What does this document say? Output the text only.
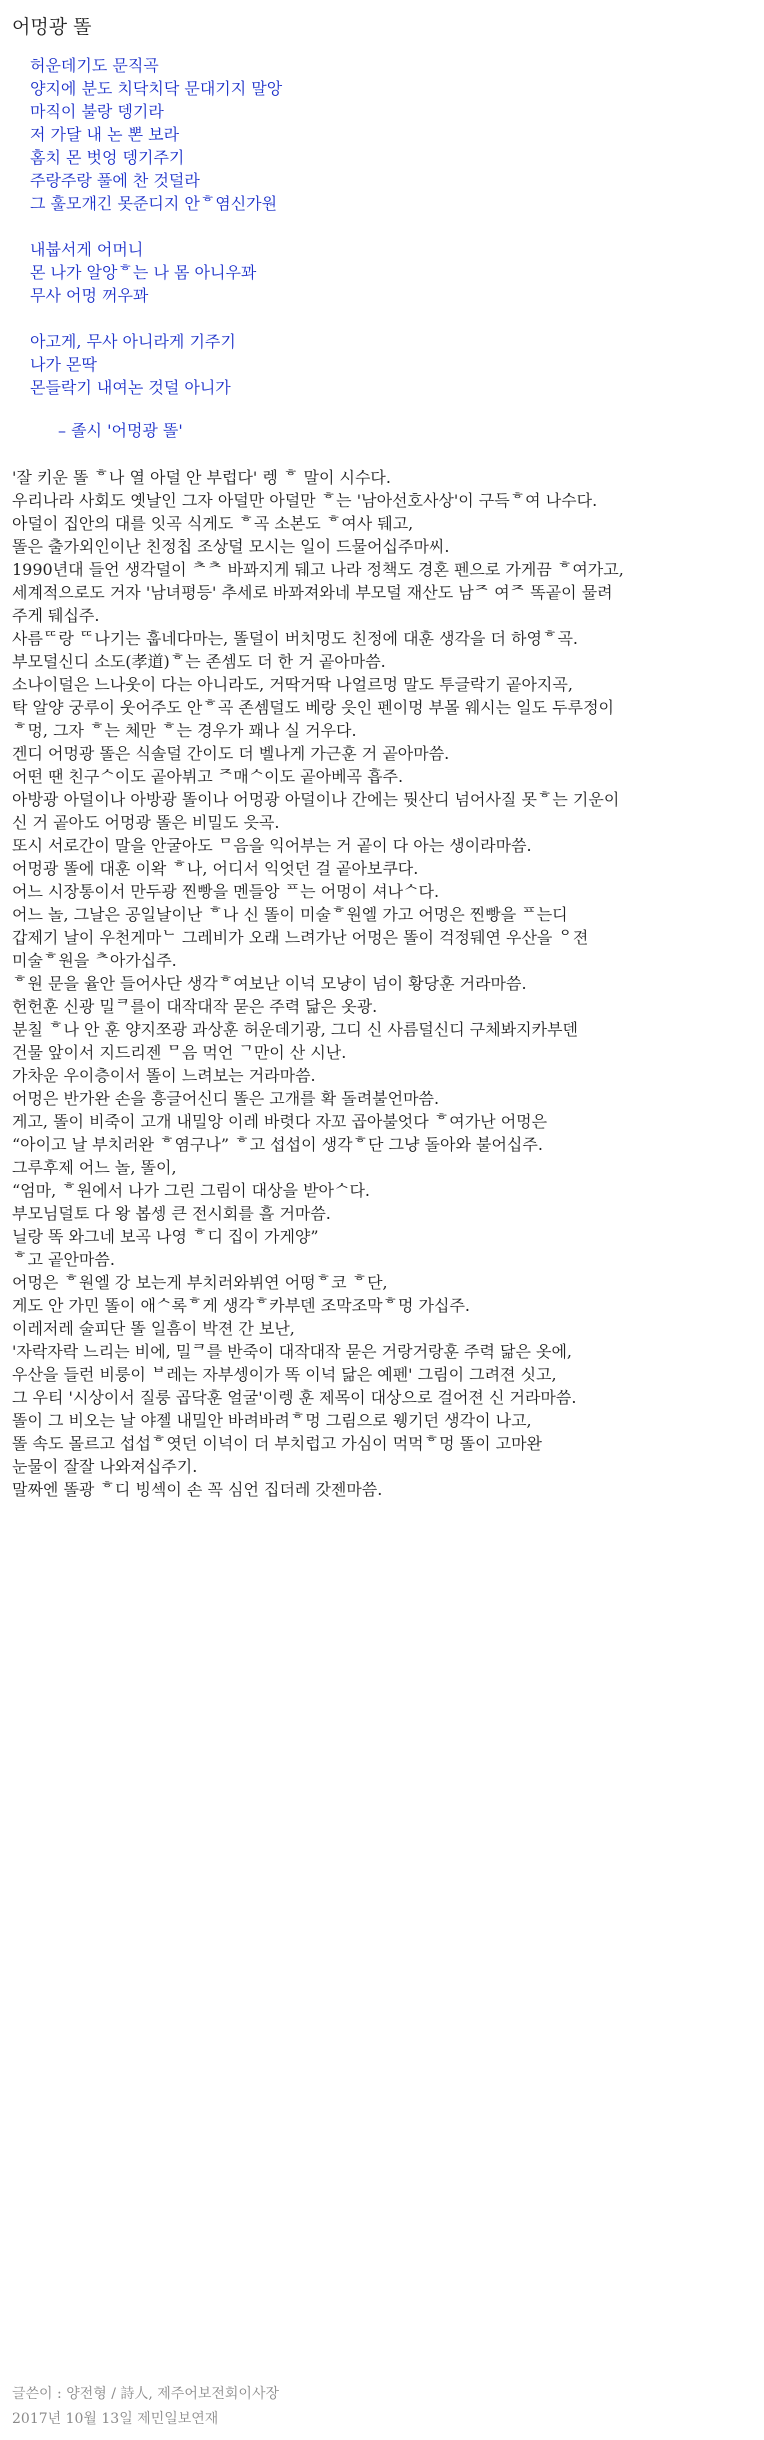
어멍광 똘
허운데기도 문직곡
양지에 분도 치닥치닥 문대기지 말앙
마직이 불랑 뎅기라
저 가달 내 논 뽄 보라
홈치 몬 벗엉 뎅기주기
주랑주랑 풀에 찬 것덜라
그 훌모개긴 못준디지 안ᄒ염신가원
내붑서게 어머니
몬 나가 알앙ᄒ는 나 몸 아니우꽈
무사 어멍 꺼우꽈
아고게, 무사 아니라게 기주기
나가 몬딱
몬들락기 내여논 것덜 아니가
– 졸시 '어멍광 똘'
'잘 키운 똘 ᄒ나 열 아덜 안 부럽다' 렝 ᄒ 말이 시수다.
우리나라 사회도 옛날인 그자 아덜만 아덜만 ᄒ는 '남아선호사상'이 구득ᄒ여 나수다.
아덜이 집안의 대를 잇곡 식게도 ᄒ곡 소본도 ᄒ여사 뒈고,
똘은 출가외인이난 친정칩 조상덜 모시는 일이 드물어십주마씨.
1990년대 들언 생각덜이 ᄎᄎ 바꽈지게 뒈고 나라 정책도 경혼 펜으로 가게끔 ᄒ여가고,
세계적으로도 거자 '남녀평등' 추세로 바꽈져와네 부모덜 재산도 남ᄌ 여ᄌ 똑곹이 물려
주게 뒈십주.
사름ᄄ랑 ᄄ나기는 훕네다마는, 똘덜이 버치멍도 친정에 대훈 생각을 더 하영ᄒ곡.
부모덜신디 소도(孝道)ᄒ는 존셈도 더 한 거 곹아마씀.
소나이덜은 느나웃이 다는 아니라도, 거딱거딱 나얼르멍 말도 투글락기 곹아지곡,
탁 알양 궁루이 웃어주도 안ᄒ곡 존셈덜도 베랑 읏인 펜이멍 부몰 웨시는 일도 두루정이
ᄒ멍, 그자 ᄒ는 체만 ᄒ는 경우가 꽤나 실 거우다.
겐디 어멍광 똘은 식솔덜 간이도 더 벨나게 가근훈 거 곹아마씀.
어떤 땐 친구ᄉ이도 곹아뷔고 ᄌ매ᄉ이도 곹아베곡 흡주.
아방광 아덜이나 아방광 똘이나 어멍광 아덜이나 간에는 뭣산디 넘어사질 못ᄒ는 기운이
신 거 곹아도 어멍광 똘은 비밀도 읏곡.
또시 서로간이 말을 안굴아도 ᄆ음을 익어부는 거 곹이 다 아는 생이라마씀.
어멍광 똘에 대훈 이왁 ᄒ나, 어디서 익엇던 걸 곹아보쿠다.
어느 시장통이서 만두광 찐빵을 멘들앙 ᄑ는 어멍이 셔나ᄉ다.
어느 놀, 그날은 공일날이난 ᄒ나 신 똘이 미술ᄒ원엘 가고 어멍은 찐빵을 ᄑ는디
갑제기 날이 우천게마ᄂ 그레비가 오래 느려가난 어멍은 똘이 걱정뒈연 우산을 ᄋ젼
미술ᄒ원을 ᄎ아가십주.
ᄒ원 문을 율안 들어사단 생각ᄒ여보난 이넉 모냥이 넘이 황당훈 거라마씀.
헌헌훈 신광 밀ᄏ를이 대작대작 묻은 주력 닮은 옷광.
분칠 ᄒ나 안 훈 양지쪼광 과상훈 허운데기광, 그디 신 사름덜신디 구체봐지카부덴
건물 앞이서 지드리젠 ᄆ음 먹언 ᄀ만이 산 시난.
가차운 우이층이서 똘이 느려보는 거라마씀.
어멍은 반가완 손을 흥글어신디 똘은 고개를 확 돌려불언마씀.
게고, 똘이 비죽이 고개 내밀앙 이레 바렷다 자꼬 곱아불엇다 ᄒ여가난 어멍은
“아이고 날 부치러완 ᄒ염구나” ᄒ고 섭섭이 생각ᄒ단 그냥 돌아와 불어십주.
그루후제 어느 놀, 똘이,
“엄마, ᄒ원에서 나가 그린 그림이 대상을 받아ᄉ다.
부모님덜토 다 왕 봅셍 큰 전시회를 흘 거마씀.
닐랑 똑 와그네 보곡 나영 ᄒ디 집이 가게양”
ᄒ고 곹안마씀.
어멍은 ᄒ원엘 강 보는게 부치러와뷔연 어떵ᄒ코 ᄒ단,
게도 안 가민 똘이 애ᄉ록ᄒ게 생각ᄒ카부덴 조막조막ᄒ멍 가십주.
이레저레 술피단 똘 일흠이 박젼 간 보난,
'자락자락 느리는 비에, 밀ᄏ를 반죽이 대작대작 묻은 거랑거랑훈 주력 닮은 옷에,
우산을 들런 비룽이 ᄇ레는 자부셍이가 똑 이넉 닮은 예펜' 그림이 그려젼 싯고,
그 우티 '시상이서 질룽 곱닥훈 얼굴'이렝 훈 제목이 대상으로 걸어젼 신 거라마씀.
똘이 그 비오는 날 야젤 내밀안 바려바려ᄒ멍 그림으로 웽기던 생각이 나고,
똘 속도 몰르고 섭섭ᄒ엿던 이넉이 더 부치럽고 가심이 먹먹ᄒ멍 똘이 고마완
눈물이 잘잘 나와져십주기.
말짜엔 똘광 ᄒ디 빙섹이 손 꼭 심언 집더레 갓젠마씀.
글쓴이 : 양전형 / 詩人, 제주어보전회이사장
2017년 10월 13일 제민일보연재
